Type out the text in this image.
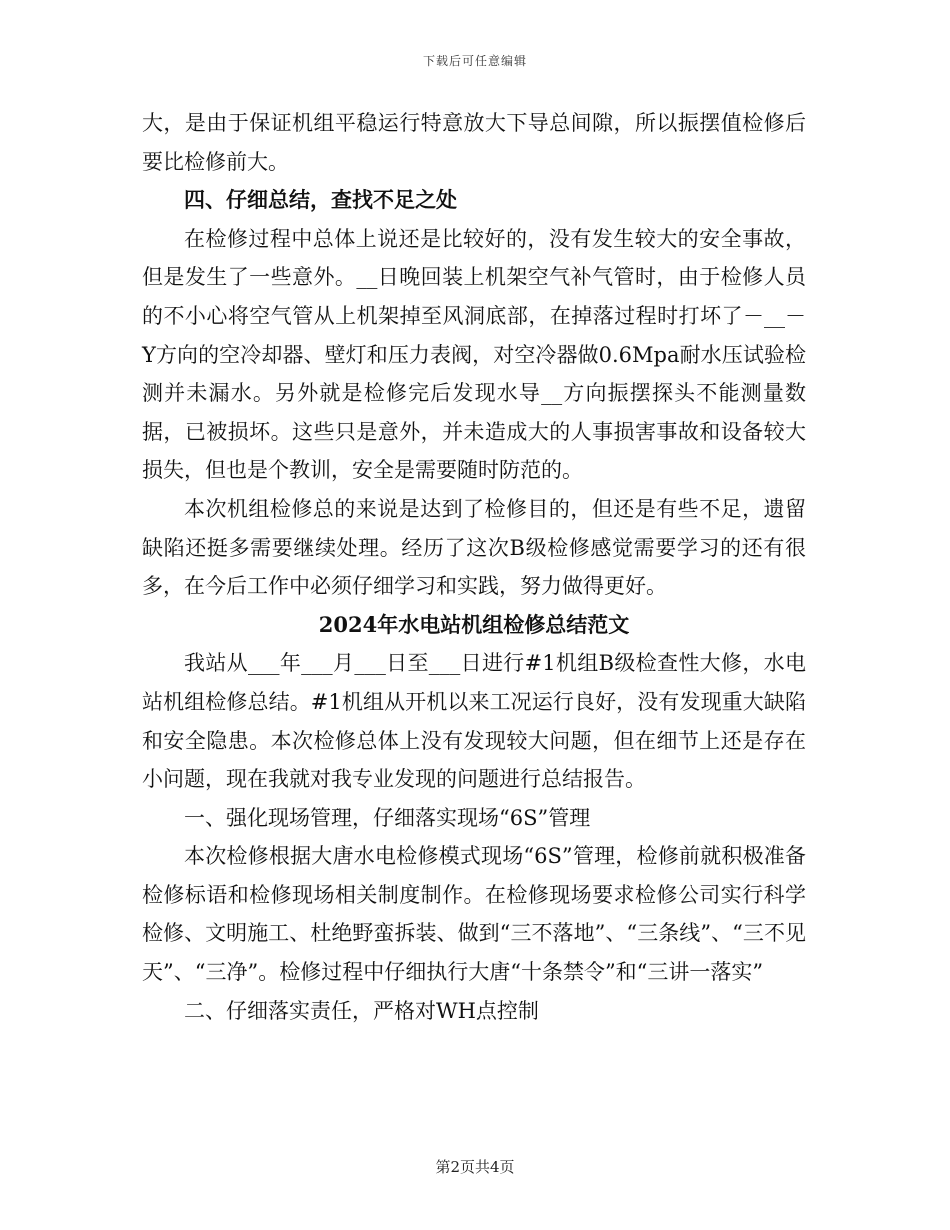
下载后可任意编辑

大，是由于保证机组平稳运行特意放大下导总间隙，所以振摆值检修后要比检修前大。

四、仔细总结，查找不足之处

在检修过程中总体上说还是比较好的，没有发生较大的安全事故，但是发生了一些意外。__日晚回装上机架空气补气管时，由于检修人员的不小心将空气管从上机架掉至风洞底部，在掉落过程时打坏了－__－Y方向的空冷却器、壁灯和压力表阀，对空冷器做0.6Mpa耐水压试验检测并未漏水。另外就是检修完后发现水导__方向振摆探头不能测量数据，已被损坏。这些只是意外，并未造成大的人事损害事故和设备较大损失，但也是个教训，安全是需要随时防范的。

本次机组检修总的来说是达到了检修目的，但还是有些不足，遗留缺陷还挺多需要继续处理。经历了这次B级检修感觉需要学习的还有很多，在今后工作中必须仔细学习和实践，努力做得更好。

2024年水电站机组检修总结范文

我站从___年___月___日至___日进行#1机组B级检查性大修，水电站机组检修总结。#1机组从开机以来工况运行良好，没有发现重大缺陷和安全隐患。本次检修总体上没有发现较大问题，但在细节上还是存在小问题，现在我就对我专业发现的问题进行总结报告。

一、强化现场管理，仔细落实现场“6S”管理

本次检修根据大唐水电检修模式现场“6S”管理，检修前就积极准备检修标语和检修现场相关制度制作。在检修现场要求检修公司实行科学检修、文明施工、杜绝野蛮拆装、做到“三不落地”、“三条线”、“三不见天”、“三净”。检修过程中仔细执行大唐“十条禁令”和“三讲一落实”

二、仔细落实责任，严格对WH点控制

第2页共4页
